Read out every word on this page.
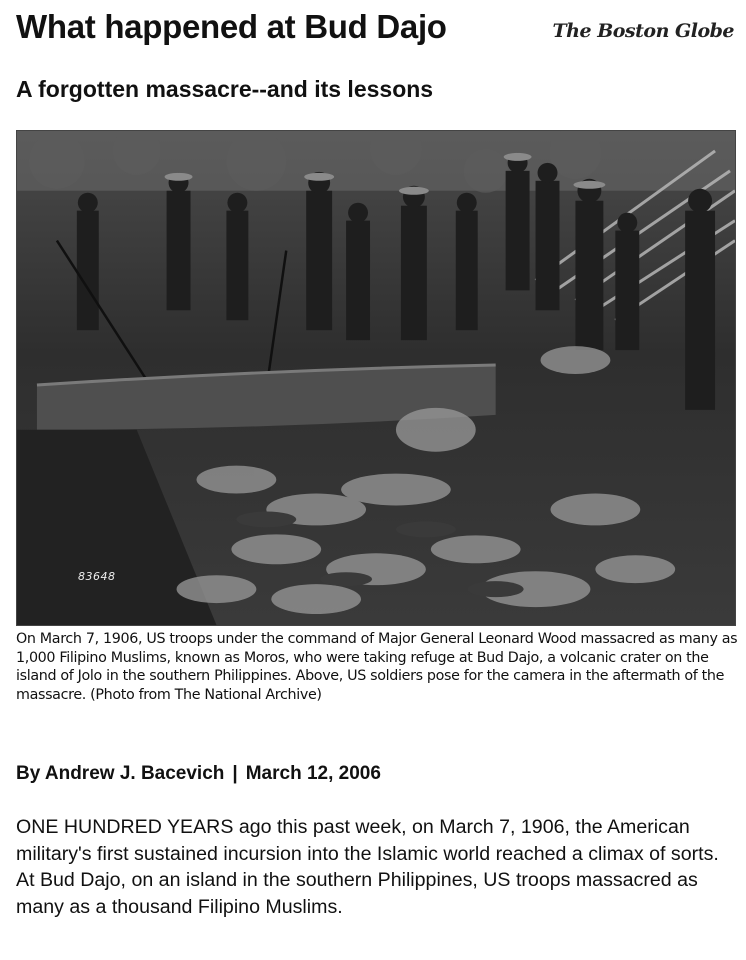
What happened at Bud Dajo	The Boston Globe
A forgotten massacre--and its lessons
83648

On March 7, 1906, US troops under the command of Major General Leonard Wood massacred as many as 1,000 Filipino Muslims, known as Moros, who were taking refuge at Bud Dajo, a volcanic crater on the island of Jolo in the southern Philippines. Above, US soldiers pose for the camera in the aftermath of the massacre. (Photo from The National Archive)

By Andrew J. Bacevich | March 12, 2006

ONE HUNDRED YEARS ago this past week, on March 7, 1906, the American military's first sustained incursion into the Islamic world reached a climax of sorts. At Bud Dajo, on an island in the southern Philippines, US troops massacred as many as a thousand Filipino Muslims.
